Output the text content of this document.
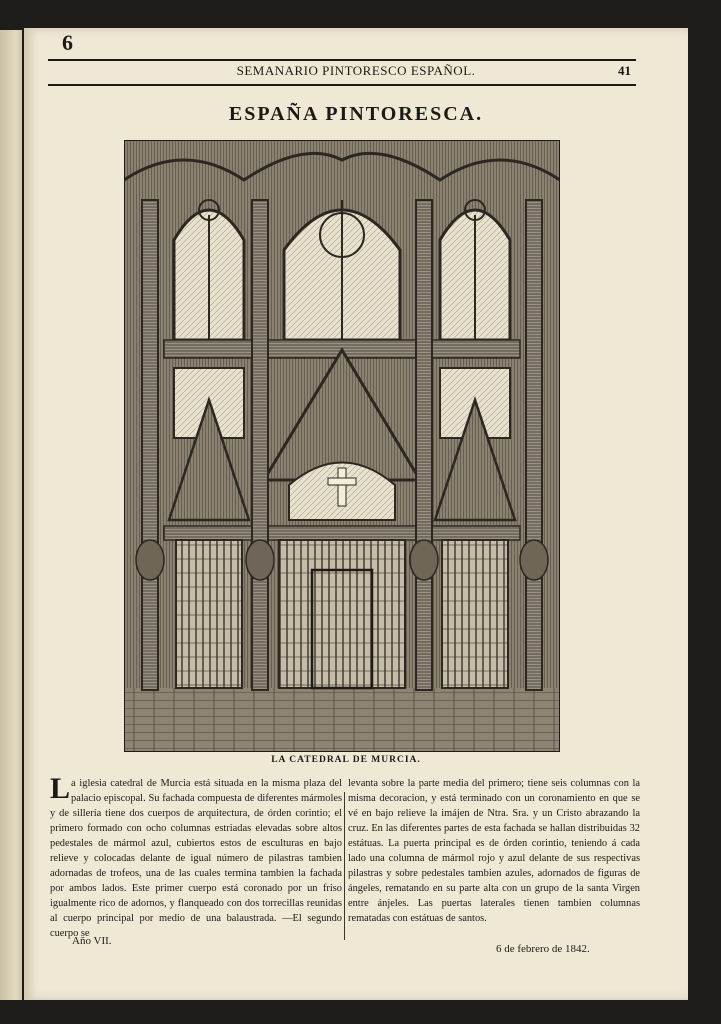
6
SEMANARIO PINTORESCO ESPAÑOL.	41
ESPAÑA PINTORESCA.
LA CATEDRAL DE MURCIA.
La iglesia catedral de Murcia está situada en la misma plaza del palacio episcopal. Su fachada compuesta de diferentes mármoles y de sillería tiene dos cuerpos de arquitectura, de órden corintio; el primero formado con ocho columnas estriadas elevadas sobre altos pedestales de mármol azul, cubiertos estos de esculturas en bajo relieve y colocadas delante de igual número de pilastras tambien adornadas de trofeos, una de las cuales termina tambien la fachada por ambos lados. Este primer cuerpo está coronado por un friso igualmente rico de adornos, y flanqueado con dos torrecillas reunidas al cuerpo principal por medio de una balaustrada. —El segundo cuerpo se
levanta sobre la parte media del primero; tiene seis columnas con la misma decoracion, y está terminado con un coronamiento en que se vé en bajo relieve la imájen de Ntra. Sra. y un Cristo abrazando la cruz. En las diferentes partes de esta fachada se hallan distribuidas 32 estátuas. La puerta principal es de órden corintio, teniendo á cada lado una columna de mármol rojo y azul delante de sus respectivas pilastras y sobre pedestales tambien azules, adornados de figuras de ángeles, rematando en su parte alta con un grupo de la santa Virgen entre ánjeles. Las puertas laterales tienen tambien columnas rematadas con estátuas de santos.
Año VII.
6 de febrero de 1842.
